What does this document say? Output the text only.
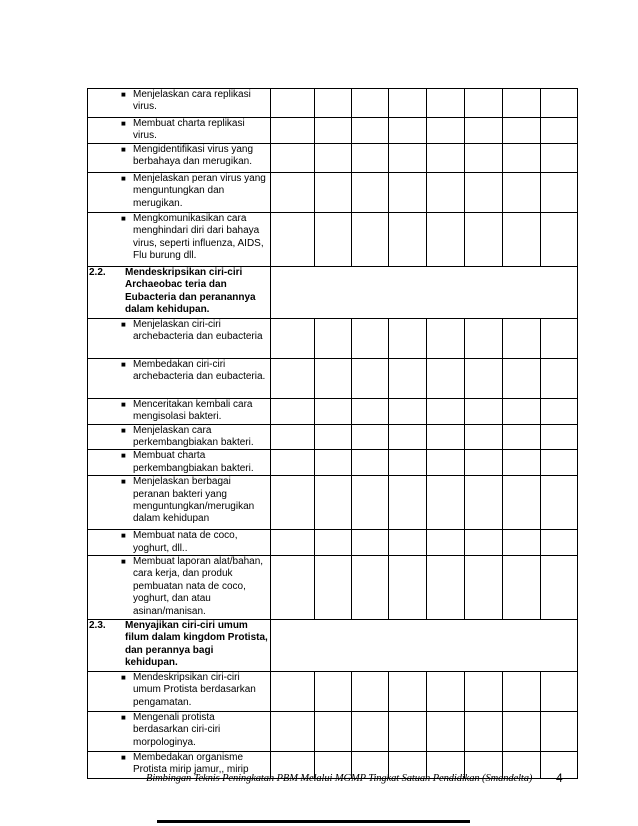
■ Menjelaskan cara replikasi virus.								

■ Membuat charta replikasi virus.								

■ Mengidentifikasi virus yang berbahaya dan merugikan.								

■ Menjelaskan peran virus yang menguntungkan dan merugikan.								

■ Mengkomunikasikan cara menghindari diri dari bahaya virus, seperti influenza, AIDS, Flu burung dll.								

2.2. Mendeskripsikan ciri-ciri Archaeobac teria dan Eubacteria dan peranannya dalam kehidupan.								

■ Menjelaskan ciri-ciri archebacteria dan eubacteria								

■ Membedakan ciri-ciri archebacteria dan eubacteria.								

■ Menceritakan kembali cara mengisolasi bakteri.								

■ Menjelaskan cara perkembangbiakan bakteri.								

■ Membuat charta perkembangbiakan bakteri.								

■ Menjelaskan berbagai peranan bakteri yang menguntungkan/merugikan dalam kehidupan								

■ Membuat nata de coco, yoghurt, dll..								

■ Membuat laporan alat/bahan, cara kerja, dan produk pembuatan nata de coco, yoghurt, dan atau asinan/manisan.								

2.3. Menyajikan ciri-ciri umum filum dalam kingdom Protista, dan perannya bagi kehidupan.								

■ Mendeskripsikan ciri-ciri umum Protista berdasarkan pengamatan.								

■ Mengenali protista berdasarkan ciri-ciri morpologinya.								

■ Membedakan organisme Protista mirip jamur,, mirip								

Bimbingan Teknis Peningkatan PBM Melalui MGMP Tingkat Satuan Pendidikan (Smandelta) 4
